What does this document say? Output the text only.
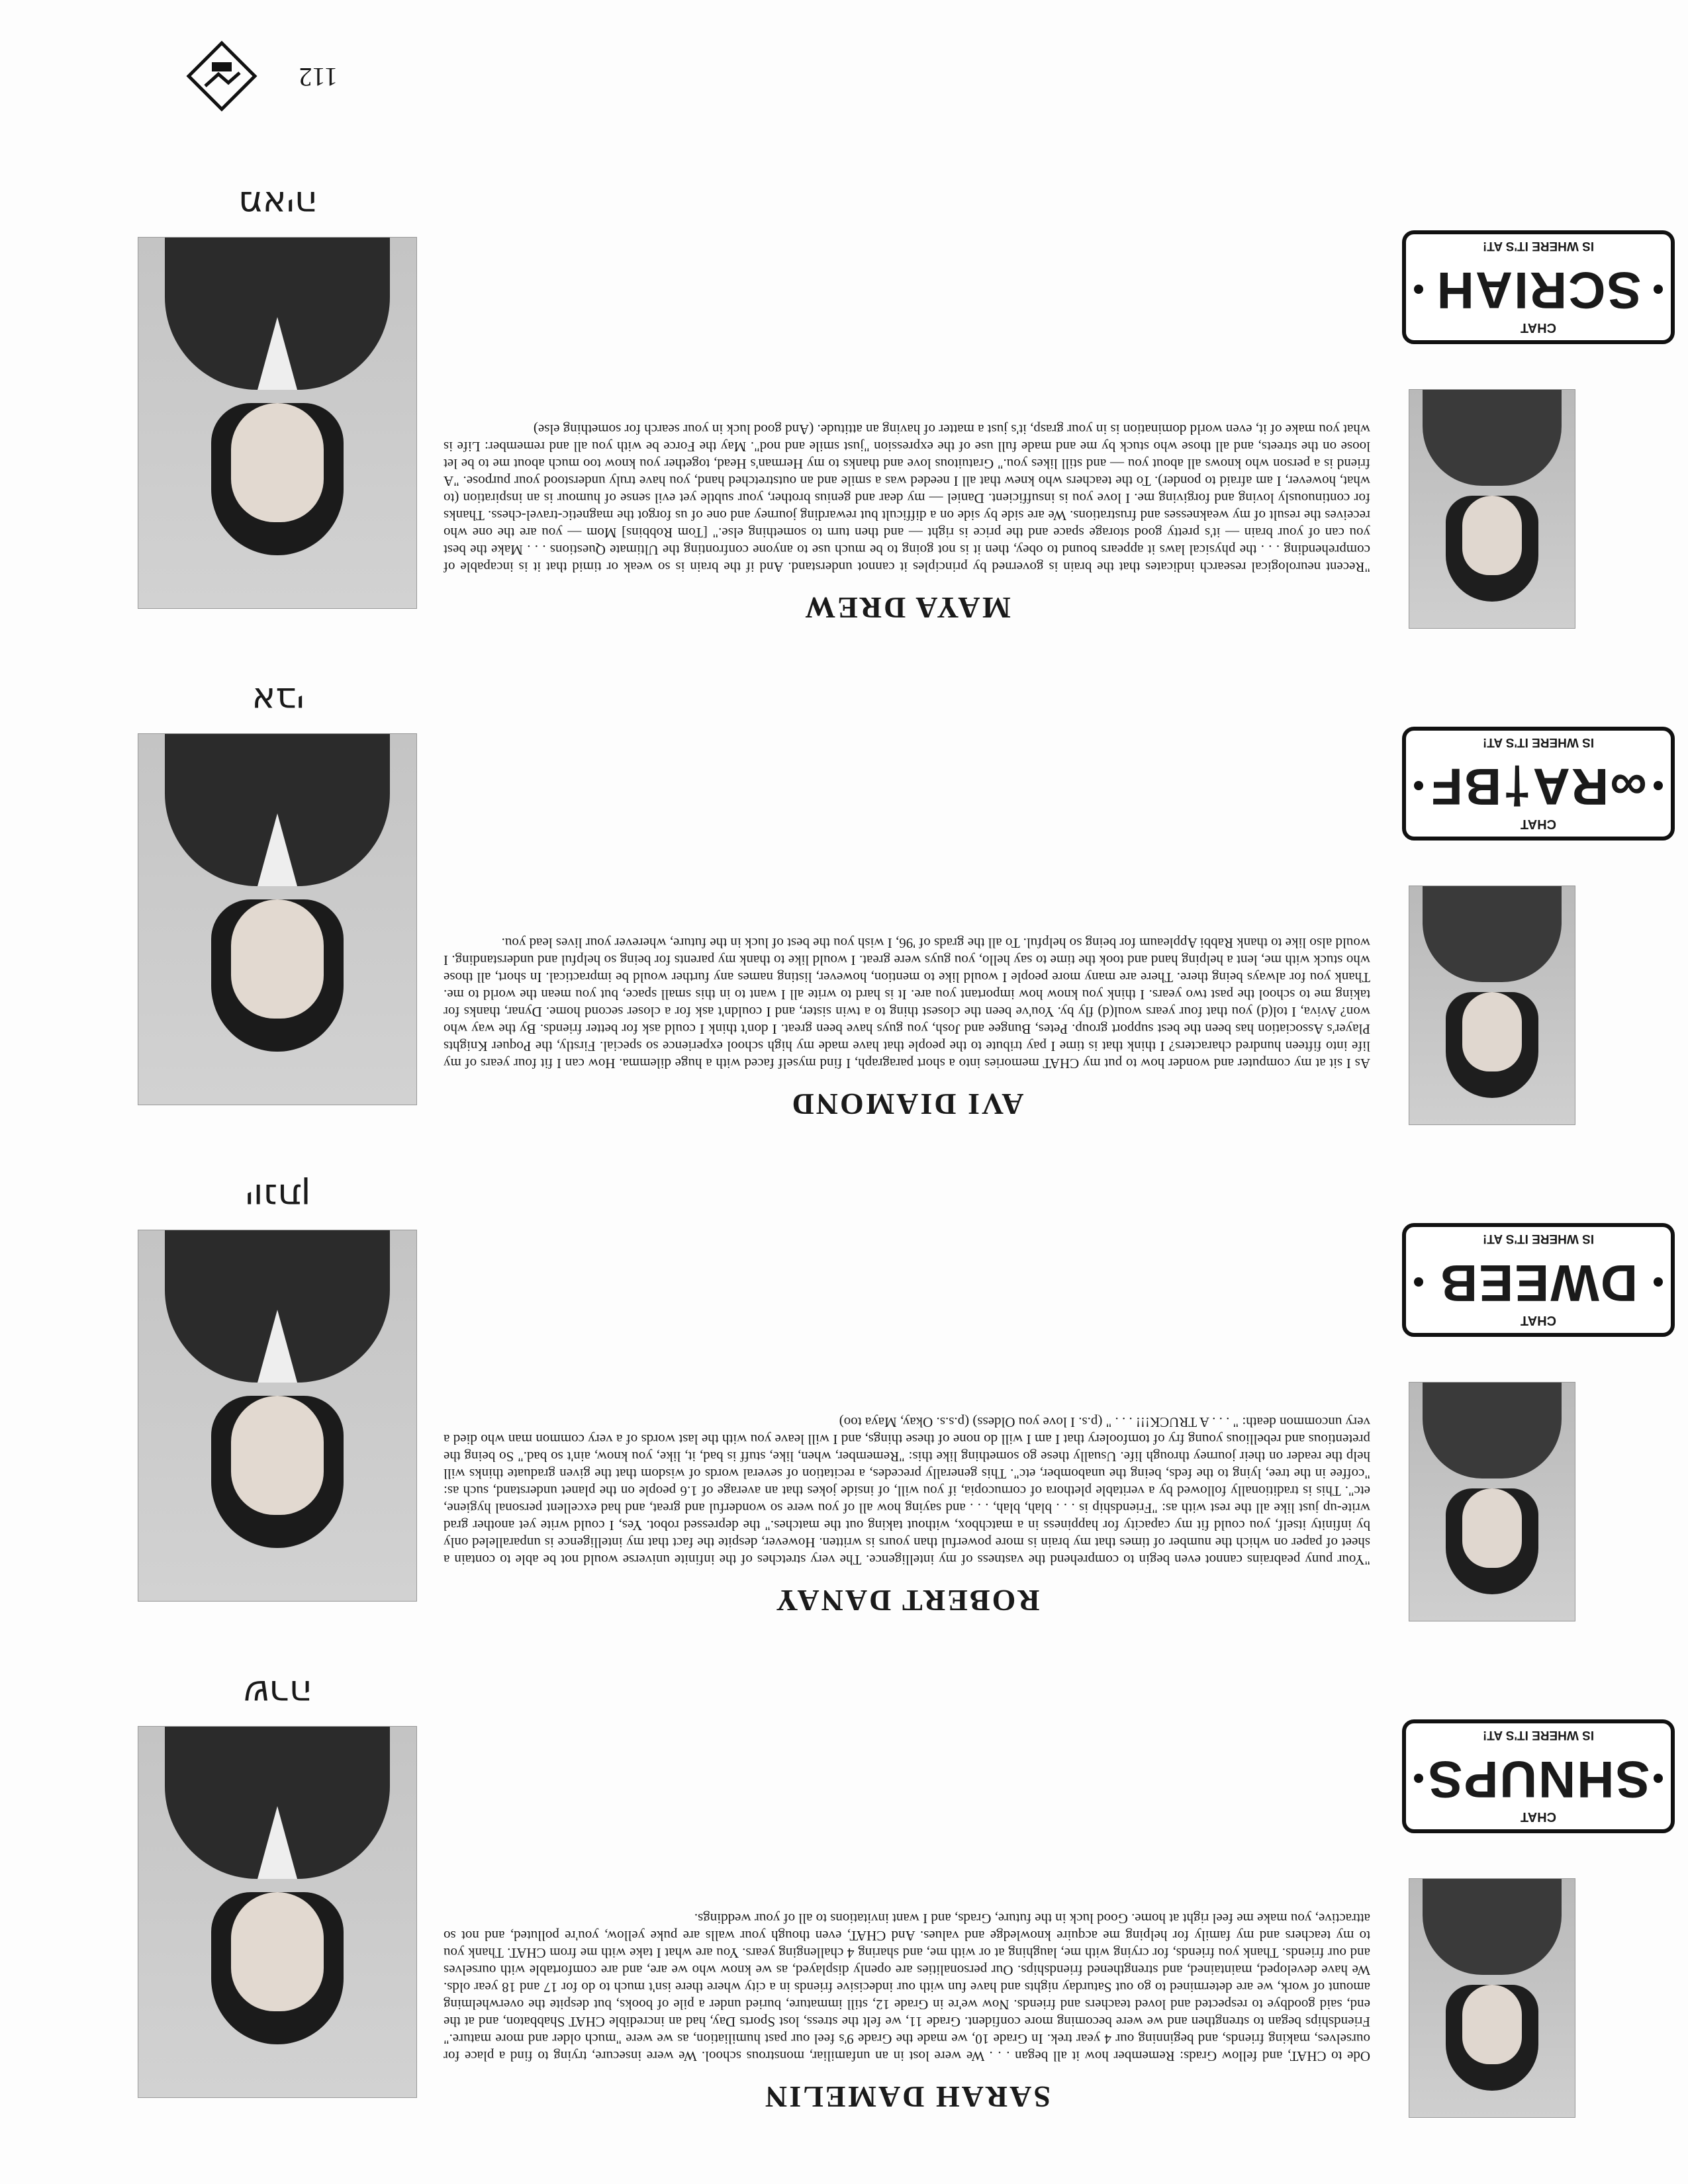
CHAT
SHNUPS
IS WHERE IT'S AT!
SARAH DAMELIN
Ode to CHAT, and fellow Grads: Remember how it all began . . . We were lost in an unfamiliar, monstrous school. We were insecure, trying to find a place for ourselves, making friends, and beginning our 4 year trek. In Grade 10, we made the Grade 9's feel our past humiliation, as we were "much older and more mature." Friendships began to strengthen and we were becoming more confident. Grade 11, we felt the stress, lost Sports Day, had an incredible CHAT Shabbaton, and at the end, said goodbye to respected and loved teachers and friends. Now we're in Grade 12, still immature, buried under a pile of books, but despite the overwhelming amount of work, we are determined to go out Saturday nights and have fun with our indecisive friends in a city where there isn't much to do for 17 and 18 year olds. We have developed, maintained, and strengthened friendships. Our personalities are openly displayed, as we know who we are, and are comfortable with ourselves and our friends. Thank you friends, for crying with me, laughing at or with me, and sharing 4 challenging years. You are what I take with me from CHAT. Thank you to my teachers and my family for helping me acquire knowledge and values. And CHAT, even though your walls are puke yellow, you're polluted, and not so attractive, you make me feel right at home. Good luck in the future, Grads, and I want invitations to all of your weddings.
שרה
CHAT
DWEEB
IS WHERE IT'S AT!
ROBERT DANAY
"Your puny peabrains cannot even begin to comprehend the vastness of my intelligence. The very stretches of the infinite universe would not be able to contain a sheet of paper on which the number of times that my brain is more powerful than yours is written. However, despite the fact that my intelligence is unparalleled only by infinity itself, you could fit my capacity for happiness in a matchbox, without taking out the matches." the depressed robot. Yes, I could write yet another grad write-up just like all the rest with as: "Friendship is . . . blah, blah, . . . and saying how all of you were so wonderful and great, and had excellent personal hygiene, etc". This is traditionally followed by a veritable plethora of cornucopia, if you will, of inside jokes that an average of 1.6 people on the planet understand, such as: "coffee in the tree, lying to the feds, being the unabomber, etc". This generally precedes, a recitation of several words of wisdom that the given graduate thinks will help the reader on their journey through life. Usually these go something like this: "Remember, when, like, stuff is bad, it, like, you know, ain't so bad." So being the pretentious and rebellious young fry of tomfoolery that I am I will do none of these things, and I will leave you with the last words of a very common man who died a very uncommon death: " . . . A TRUCK!!! . . . " (p.s. I love you Oldess) (p.s.s. Okay, Maya too)
יונתן
CHAT
∞RA†BF
IS WHERE IT'S AT!
AVI DIAMOND
As I sit at my computer and wonder how to put my CHAT memories into a short paragraph, I find myself faced with a huge dilemma. How can I fit four years of my life into fifteen hundred characters? I think that is time I pay tribute to the people that have made my high school experience so special. Firstly, the Poquer Knights Player's Association has been the best support group. Petes, Bungee and Josh, you guys have been great. I don't think I could ask for better friends. By the way who won? Aviva, I tol(d) you that four years woul(d) fly by. You've been the closest thing to a twin sister, and I couldn't ask for a closer second home. Dynar, thanks for taking me to school the past two years. I think you know how important you are. It is hard to write all I want to in this small space, but you mean the world to me. Thank you for always being there. There are many more people I would like to mention, however, listing names any further would be impractical. In short, all those who stuck with me, lent a helping hand and took the time to say hello, you guys were great. I would like to thank my parents for being so helpful and understanding. I would also like to thank Rabbi Appleaum for being so helpful. To all the grads of '96, I wish you the best of luck in the future, wherever your lives lead you.
אבי
CHAT
SCRIAH
IS WHERE IT'S AT!
MAYA DREW
"Recent neurological research indicates that the brain is governed by principles it cannot understand. And if the brain is so weak or timid that it is incapable of comprehending . . . the physical laws it appears bound to obey, then it is not going to be much use to anyone confronting the Ultimate Questions . . . Make the best you can of your brain — it's pretty good storage space and the price is right — and then turn to something else." [Tom Robbins] Mom — you are the one who receives the result of my weaknesses and frustrations. We are side by side on a difficult but rewarding journey and one of us forgot the magnetic-travel-chess. Thanks for continuously loving and forgiving me. I love you is insufficient. Daniel — my dear and genius brother, your subtle yet evil sense of humour is an inspiration (to what, however, I am afraid to ponder). To the teachers who knew that all I needed was a smile and an outstretched hand, you have truly understood your purpose. "A friend is a person who knows all about you — and still likes you." Gratuitous love and thanks to my Herman's Head, together you know too much about me to be let loose on the streets, and all those who stuck by me and made full use of the expression "just smile and nod". May the Force be with you all and remember: Life is what you make of it, even world domination is in your grasp, it's just a matter of having an attitude. (And good luck in your search for something else)
מאיה
112
